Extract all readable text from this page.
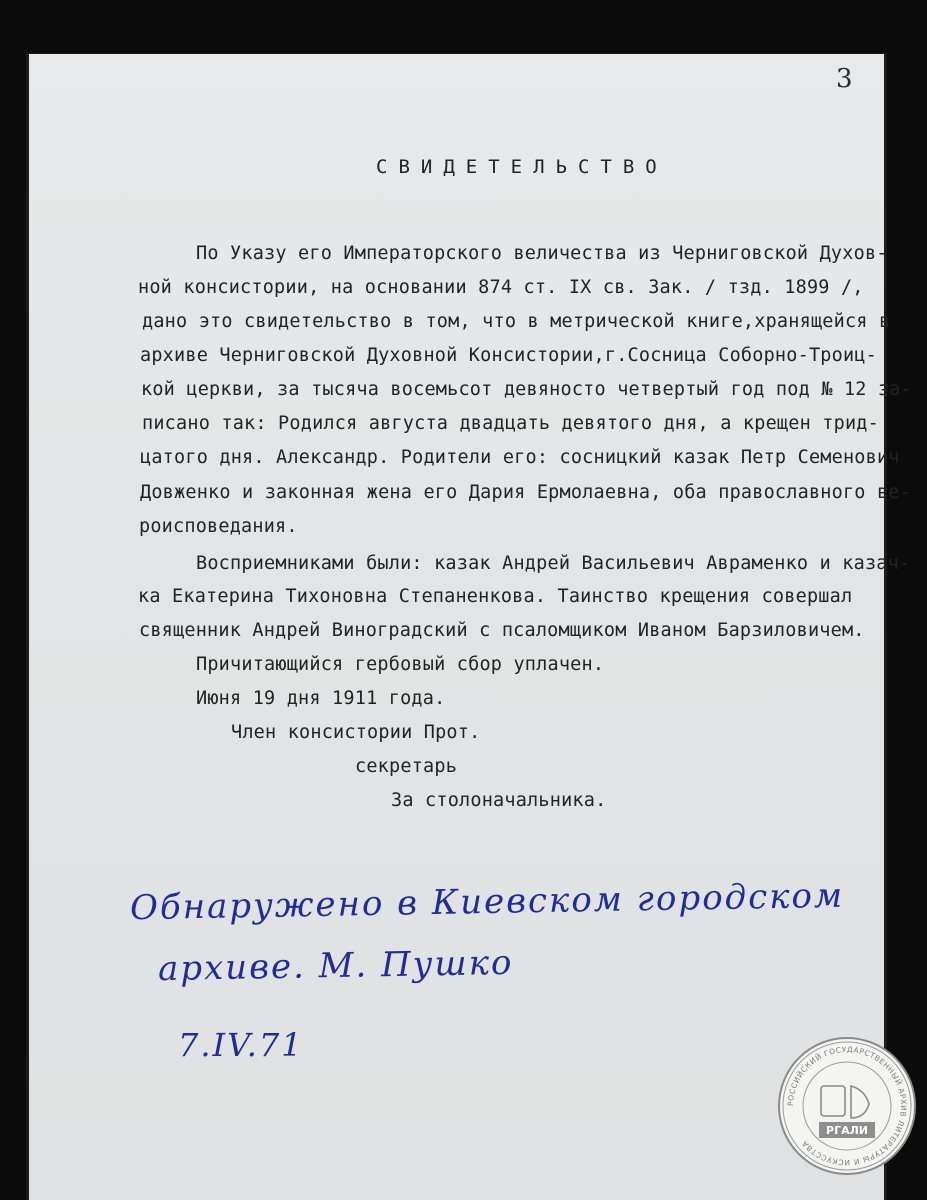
3
СВИДЕТЕЛЬСТВО
По Указу его Императорского величества из Черниговской Духов-
ной консистории, на основании 874 ст. IX св. Зак. / тзд. 1899 /,
дано это свидетельство в том, что в метрической книге,хранящейся в
архиве Черниговской Духовной Консистории,г.Сосница Соборно-Троиц-
кой церкви, за тысяча восемьсот девяносто четвертый год под № 12 за-
писано так: Родился августа двадцать девятого дня, а крещен трид-
цатого дня. Александр. Родители его: сосницкий казак Петр Семенович
Довженко и законная жена его Дария Ермолаевна, оба православного ве-
роисповедания.
Восприемниками были: казак Андрей Васильевич Авраменко и казач-
ка Екатерина Тихоновна Степаненкова. Таинство крещения совершал
священник Андрей Виноградский с псаломщиком Иваном Барзиловичем.
Причитающийся гербовый сбор уплачен.
Июня 19 дня 1911 года.
Член консистории Прот.
секретарь
За столоначальника.
Обнаружено в Киевском городском
архиве. М. Пушко
7.IV.71
РОССИЙСКИЙ ГОСУДАРСТВЕННЫЙ АРХИВ ЛИТЕРАТУРЫ И ИСКУССТВА
РГАЛИ
